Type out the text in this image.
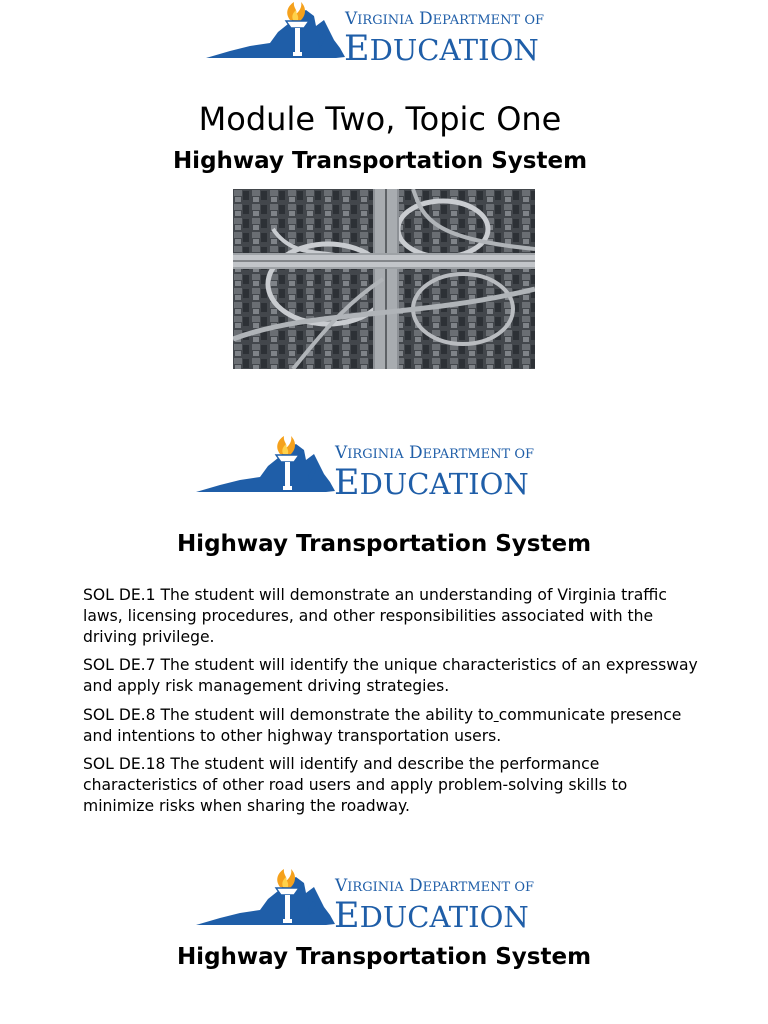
Module Two, Topic One
Highway Transportation System
Highway Transportation System

SOL DE.1 The student will demonstrate an understanding of Virginia traffic laws, licensing procedures, and other responsibilities associated with the driving privilege.

SOL DE.7 The student will identify the unique characteristics of an expressway and apply risk management driving strategies.

SOL DE.8 The student will demonstrate the ability to communicate presence and intentions to other highway transportation users.

SOL DE.18 The student will identify and describe the performance characteristics of other road users and apply problem-solving skills to minimize risks when sharing the roadway.

Highway Transportation System
